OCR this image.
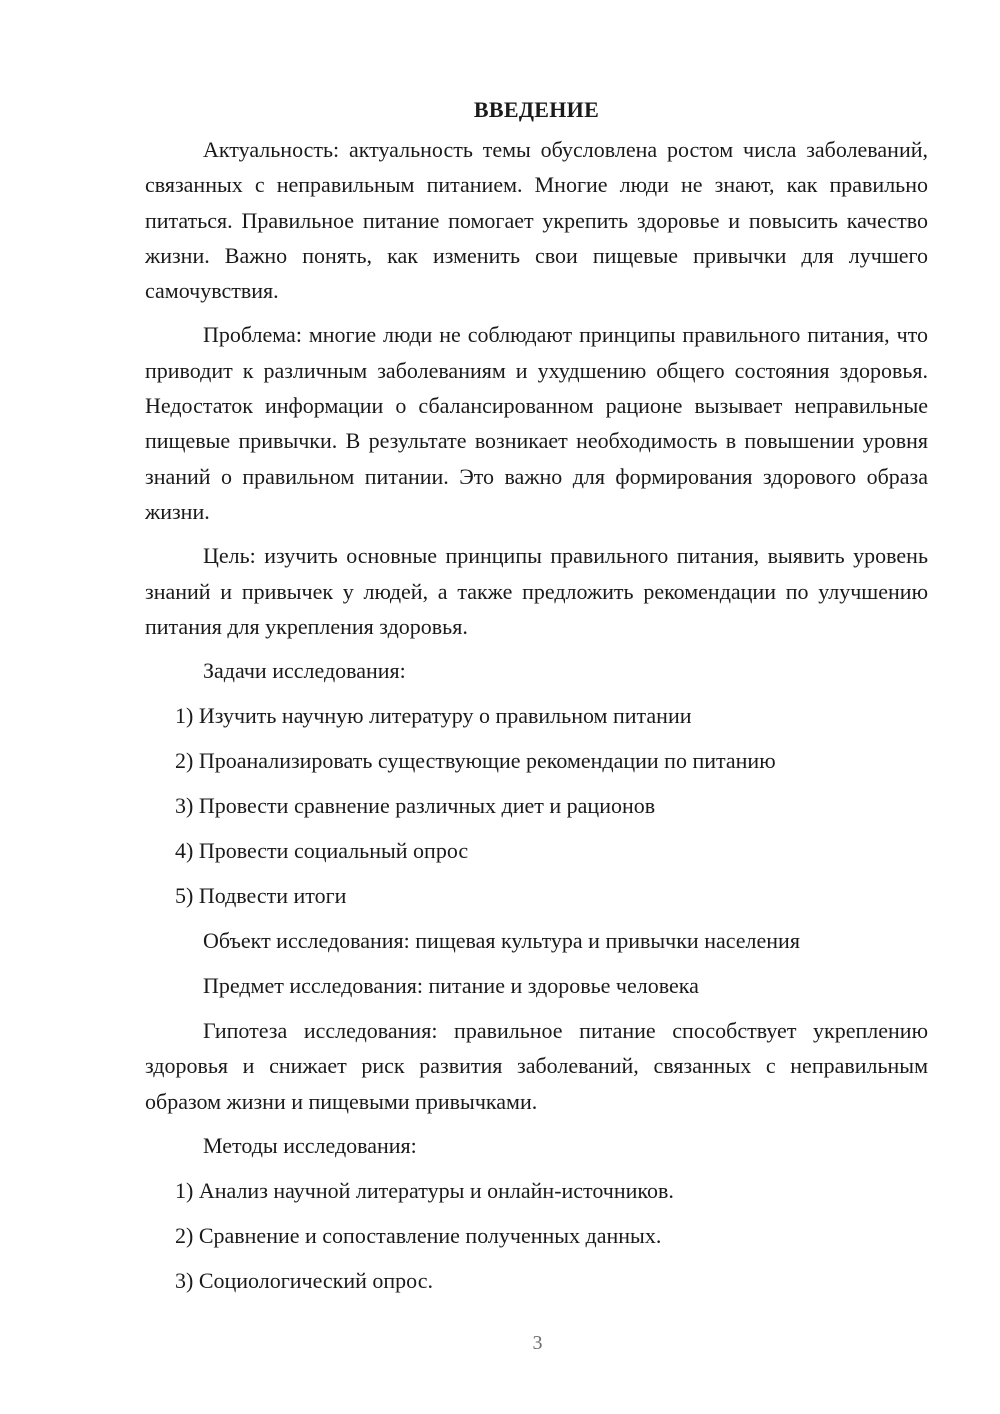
ВВЕДЕНИЕ

Актуальность: актуальность темы обусловлена ростом числа заболеваний, связанных с неправильным питанием. Многие люди не знают, как правильно питаться. Правильное питание помогает укрепить здоровье и повысить качество жизни. Важно понять, как изменить свои пищевые привычки для лучшего самочувствия.

Проблема: многие люди не соблюдают принципы правильного питания, что приводит к различным заболеваниям и ухудшению общего состояния здоровья. Недостаток информации о сбалансированном рационе вызывает неправильные пищевые привычки. В результате возникает необходимость в повышении уровня знаний о правильном питании. Это важно для формирования здорового образа жизни.

Цель: изучить основные принципы правильного питания, выявить уровень знаний и привычек у людей, а также предложить рекомендации по улучшению питания для укрепления здоровья.

Задачи исследования:
1) Изучить научную литературу о правильном питании
2) Проанализировать существующие рекомендации по питанию
3) Провести сравнение различных диет и рационов
4) Провести социальный опрос
5) Подвести итоги
Объект исследования: пищевая культура и привычки населения
Предмет исследования: питание и здоровье человека

Гипотеза исследования: правильное питание способствует укреплению здоровья и снижает риск развития заболеваний, связанных с неправильным образом жизни и пищевыми привычками.

Методы исследования:
1) Анализ научной литературы и онлайн-источников.
2) Сравнение и сопоставление полученных данных.
3) Социологический опрос.
3
